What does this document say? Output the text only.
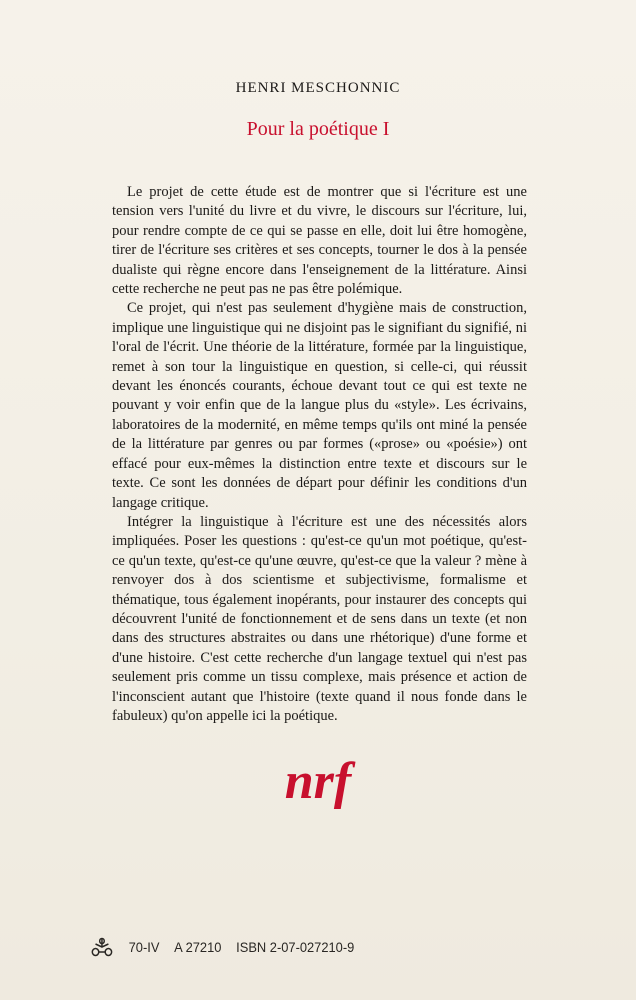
HENRI MESCHONNIC
Pour la poétique I

Le projet de cette étude est de montrer que si l'écriture est une tension vers l'unité du livre et du vivre, le discours sur l'écriture, lui, pour rendre compte de ce qui se passe en elle, doit lui être homogène, tirer de l'écriture ses critères et ses concepts, tourner le dos à la pensée dualiste qui règne encore dans l'enseignement de la littérature. Ainsi cette recherche ne peut pas ne pas être polémique.

Ce projet, qui n'est pas seulement d'hygiène mais de construction, implique une linguistique qui ne disjoint pas le signifiant du signifié, ni l'oral de l'écrit. Une théorie de la littérature, formée par la linguistique, remet à son tour la linguistique en question, si celle-ci, qui réussit devant les énoncés courants, échoue devant tout ce qui est texte ne pouvant y voir enfin que de la langue plus du «style». Les écrivains, laboratoires de la modernité, en même temps qu'ils ont miné la pensée de la littérature par genres ou par formes («prose» ou «poésie») ont effacé pour eux-mêmes la distinction entre texte et discours sur le texte. Ce sont les données de départ pour définir les conditions d'un langage critique.

Intégrer la linguistique à l'écriture est une des nécessités alors impliquées. Poser les questions : qu'est-ce qu'un mot poétique, qu'est-ce qu'un texte, qu'est-ce qu'une œuvre, qu'est-ce que la valeur ? mène à renvoyer dos à dos scientisme et subjectivisme, formalisme et thématique, tous également inopérants, pour instaurer des concepts qui découvrent l'unité de fonctionnement et de sens dans un texte (et non dans des structures abstraites ou dans une rhétorique) d'une forme et d'une histoire. C'est cette recherche d'un langage textuel qui n'est pas seulement pris comme un tissu complexe, mais présence et action de l'inconscient autant que l'histoire (texte quand il nous fonde dans le fabuleux) qu'on appelle ici la poétique.

nrf
70-IV A 27210 ISBN 2-07-027210-9
